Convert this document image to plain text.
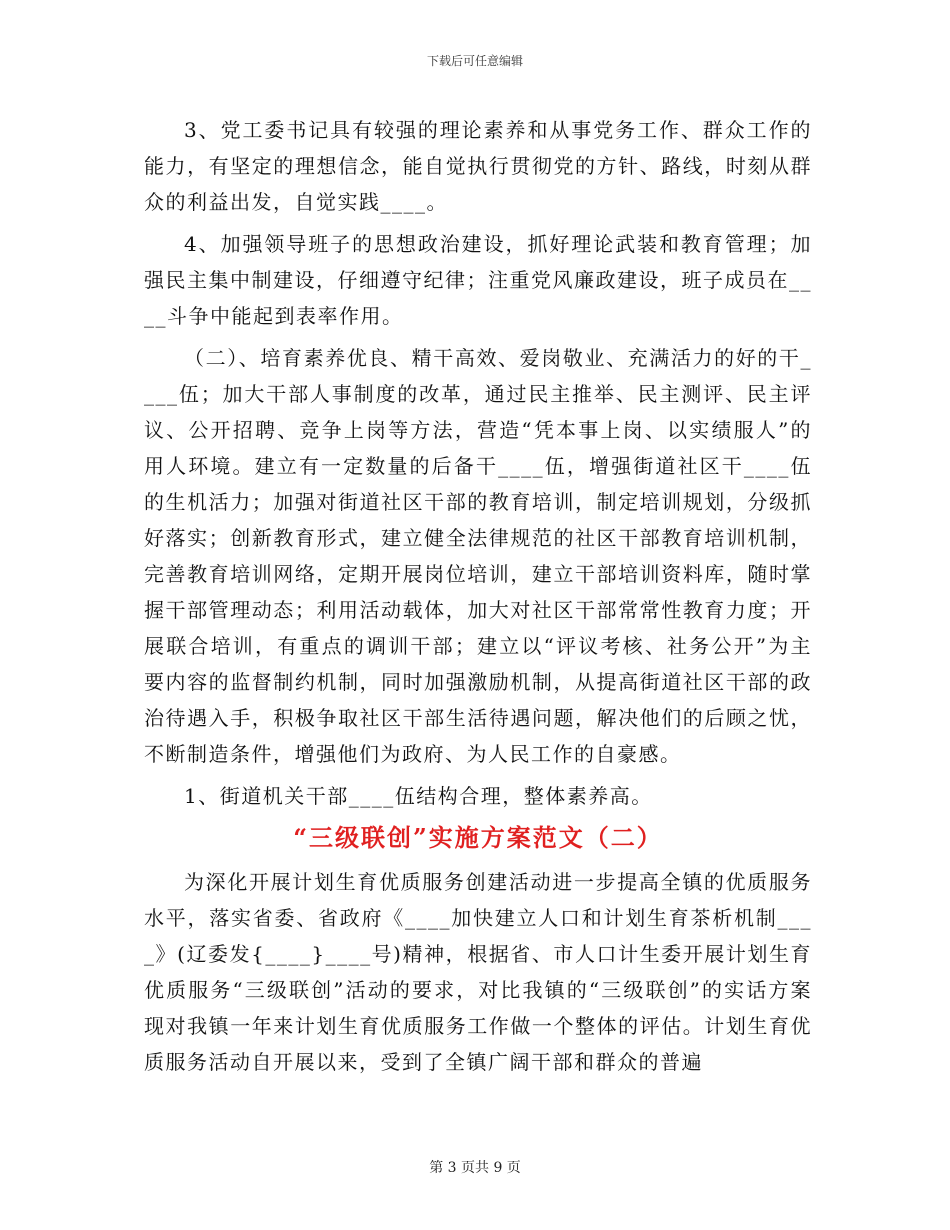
下载后可任意编辑

3、党工委书记具有较强的理论素养和从事党务工作、群众工作的能力，有坚定的理想信念，能自觉执行贯彻党的方针、路线，时刻从群众的利益出发，自觉实践____。

4、加强领导班子的思想政治建设，抓好理论武装和教育管理；加强民主集中制建设，仔细遵守纪律；注重党风廉政建设，班子成员在____斗争中能起到表率作用。

（二）、培育素养优良、精干高效、爱岗敬业、充满活力的好的干____伍；加大干部人事制度的改革，通过民主推举、民主测评、民主评议、公开招聘、竞争上岗等方法，营造“凭本事上岗、以实绩服人”的用人环境。建立有一定数量的后备干____伍，增强街道社区干____伍的生机活力；加强对街道社区干部的教育培训，制定培训规划，分级抓好落实；创新教育形式，建立健全法律规范的社区干部教育培训机制，完善教育培训网络，定期开展岗位培训，建立干部培训资料库，随时掌握干部管理动态；利用活动载体，加大对社区干部常常性教育力度；开展联合培训，有重点的调训干部；建立以“评议考核、社务公开”为主要内容的监督制约机制，同时加强激励机制，从提高街道社区干部的政治待遇入手，积极争取社区干部生活待遇问题，解决他们的后顾之忧，不断制造条件，增强他们为政府、为人民工作的自豪感。

1、街道机关干部____伍结构合理，整体素养高。

“三级联创”实施方案范文（二）

为深化开展计划生育优质服务创建活动进一步提高全镇的优质服务水平，落实省委、省政府《____加快建立人口和计划生育茶析机制____》(辽委发{____}____号)精神，根据省、市人口计生委开展计划生育优质服务“三级联创”活动的要求，对比我镇的“三级联创”的实话方案现对我镇一年来计划生育优质服务工作做一个整体的评估。计划生育优质服务活动自开展以来，受到了全镇广阔干部和群众的普遍

第 3 页共 9 页
